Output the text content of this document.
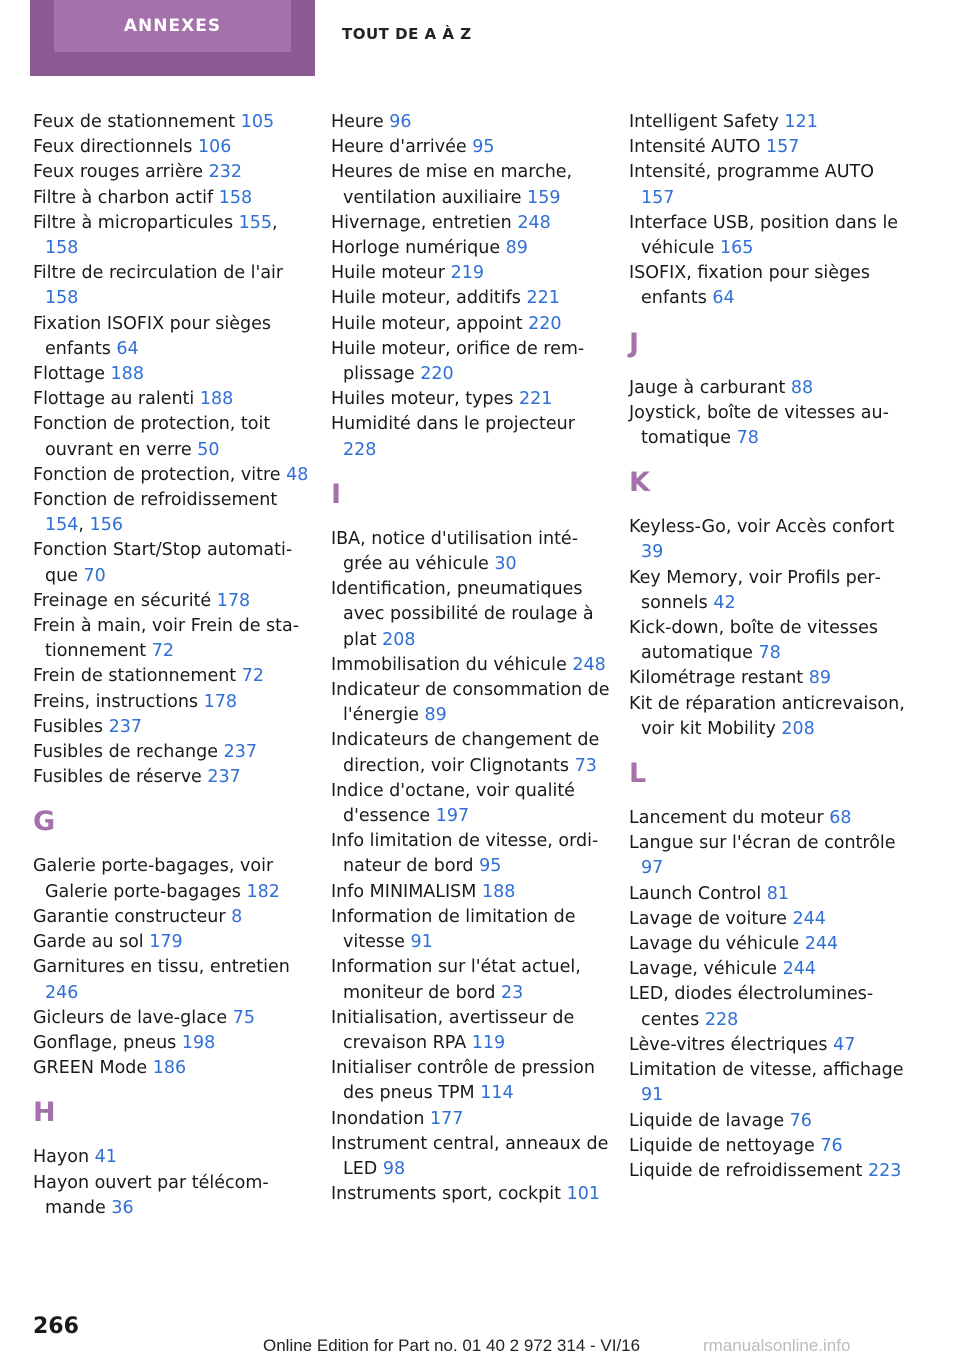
ANNEXES	TOUT DE A À Z
Feux de stationnement 105
Feux directionnels 106
Feux rouges arrière 232
Filtre à charbon actif 158
Filtre à microparticules 155, 158
Filtre de recirculation de l'air 158
Fixation ISOFIX pour sièges enfants 64
Flottage 188
Flottage au ralenti 188
Fonction de protection, toit ouvrant en verre 50
Fonction de protection, vitre 48
Fonction de refroidissement 154, 156
Fonction Start/Stop automatique 70
Freinage en sécurité 178
Frein à main, voir Frein de stationnement 72
Frein de stationnement 72
Freins, instructions 178
Fusibles 237
Fusibles de rechange 237
Fusibles de réserve 237
G
Galerie porte-bagages, voir Galerie porte-bagages 182
Garantie constructeur 8
Garde au sol 179
Garnitures en tissu, entretien 246
Gicleurs de lave-glace 75
Gonflage, pneus 198
GREEN Mode 186
H
Hayon 41
Hayon ouvert par télécommande 36
Heure 96
Heure d'arrivée 95
Heures de mise en marche, ventilation auxiliaire 159
Hivernage, entretien 248
Horloge numérique 89
Huile moteur 219
Huile moteur, additifs 221
Huile moteur, appoint 220
Huile moteur, orifice de remplissage 220
Huiles moteur, types 221
Humidité dans le projecteur 228
I
IBA, notice d'utilisation intégrée au véhicule 30
Identification, pneumatiques avec possibilité de roulage à plat 208
Immobilisation du véhicule 248
Indicateur de consommation de l'énergie 89
Indicateurs de changement de direction, voir Clignotants 73
Indice d'octane, voir qualité d'essence 197
Info limitation de vitesse, ordinateur de bord 95
Info MINIMALISM 188
Information de limitation de vitesse 91
Information sur l'état actuel, moniteur de bord 23
Initialisation, avertisseur de crevaison RPA 119
Initialiser contrôle de pression des pneus TPM 114
Inondation 177
Instrument central, anneaux de LED 98
Instruments sport, cockpit 101
Intelligent Safety 121
Intensité AUTO 157
Intensité, programme AUTO 157
Interface USB, position dans le véhicule 165
ISOFIX, fixation pour sièges enfants 64
J
Jauge à carburant 88
Joystick, boîte de vitesses automatique 78
K
Keyless-Go, voir Accès confort 39
Key Memory, voir Profils personnels 42
Kick-down, boîte de vitesses automatique 78
Kilométrage restant 89
Kit de réparation anticrevaison, voir kit Mobility 208
L
Lancement du moteur 68
Langue sur l'écran de contrôle 97
Launch Control 81
Lavage de voiture 244
Lavage du véhicule 244
Lavage, véhicule 244
LED, diodes électroluminescentes 228
Lève-vitres électriques 47
Limitation de vitesse, affichage 91
Liquide de lavage 76
Liquide de nettoyage 76
Liquide de refroidissement 223
266
Online Edition for Part no. 01 40 2 972 314 - VI/16	rmanualsonline.info
